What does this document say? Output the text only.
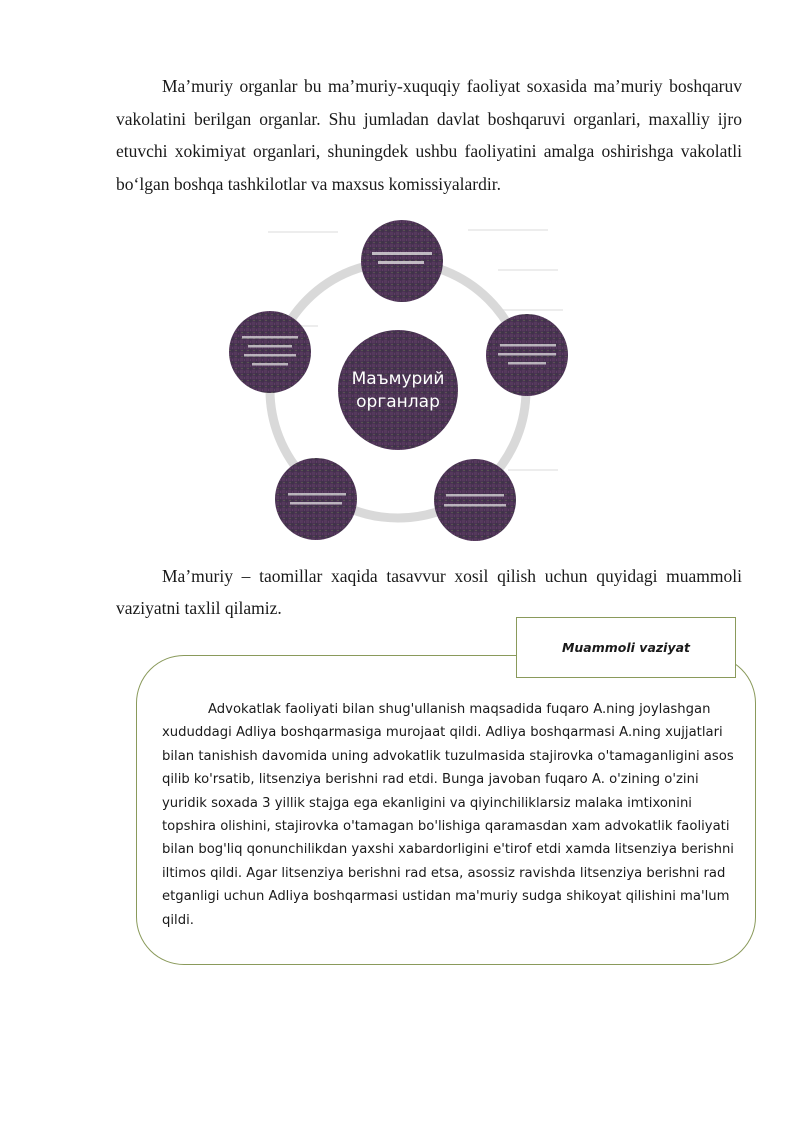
Ma’muriy organlar bu ma’muriy-xuquqiy faoliyat soxasida ma’muriy boshqaruv vakolatini berilgan organlar. Shu jumladan davlat boshqaruvi organlari, maxalliy ijro etuvchi xokimiyat organlari, shuningdek ushbu faoliyatini amalga oshirishga vakolatli bo‘lgan boshqa tashkilotlar va maxsus komissiyalardir.

Маъмурий
органлар

Ma’muriy – taomillar xaqida tasavvur xosil qilish uchun quyidagi muammoli vaziyatni taxlil qilamiz.

Muammoli vaziyat

Advokatlak faoliyati bilan shug'ullanish maqsadida fuqaro A.ning joylashgan xududdagi Adliya boshqarmasiga murojaat qildi. Adliya boshqarmasi A.ning xujjatlari bilan tanishish davomida uning advokatlik tuzulmasida stajirovka o'tamaganligini asos qilib ko'rsatib, litsenziya berishni rad etdi. Bunga javoban fuqaro A. o'zining o'zini yuridik soxada 3 yillik stajga ega ekanligini va qiyinchiliklarsiz malaka imtixonini topshira olishini, stajirovka o'tamagan bo'lishiga qaramasdan xam advokatlik faoliyati bilan bog'liq qonunchilikdan yaxshi xabardorligini e'tirof etdi xamda litsenziya berishni iltimos qildi. Agar litsenziya berishni rad etsa, asossiz ravishda litsenziya berishni rad etganligi uchun Adliya boshqarmasi ustidan ma'muriy sudga shikoyat qilishini ma'lum qildi.
